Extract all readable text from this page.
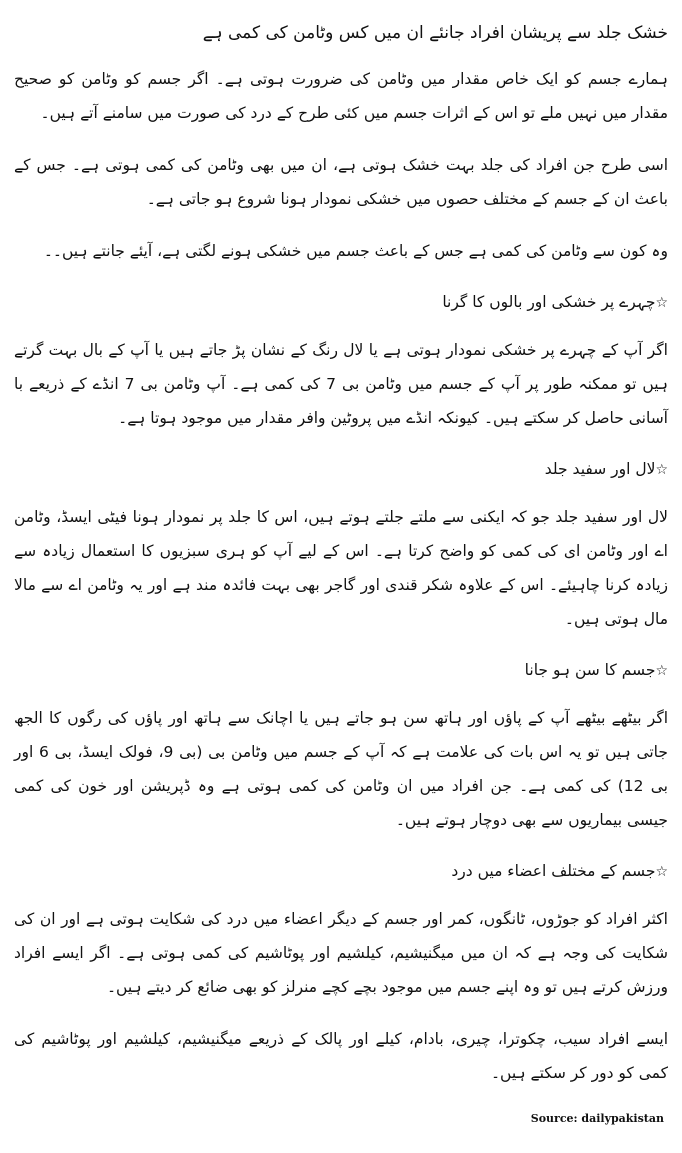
خشک جلد سے پریشان افراد جانئے ان میں کس وٹامن کی کمی ہے

ہمارے جسم کو ایک خاص مقدار میں وٹامن کی ضرورت ہوتی ہے۔ اگر جسم کو وٹامن کو صحیح مقدار میں نہیں ملے تو اس کے اثرات جسم میں کئی طرح کے درد کی صورت میں سامنے آتے ہیں۔

اسی طرح جن افراد کی جلد بہت خشک ہوتی ہے، ان میں بھی وٹامن کی کمی ہوتی ہے۔ جس کے باعث ان کے جسم کے مختلف حصوں میں خشکی نمودار ہونا شروع ہو جاتی ہے۔

وہ کون سے وٹامن کی کمی ہے جس کے باعث جسم میں خشکی ہونے لگتی ہے، آیئے جانتے ہیں۔۔

☆چہرے پر خشکی اور بالوں کا گرنا

اگر آپ کے چہرے پر خشکی نمودار ہوتی ہے یا لال رنگ کے نشان پڑ جاتے ہیں یا آپ کے بال بہت گرتے ہیں تو ممکنہ طور پر آپ کے جسم میں وٹامن بی 7 کی کمی ہے۔ آپ وٹامن بی 7 انڈے کے ذریعے با آسانی حاصل کر سکتے ہیں۔ کیونکہ انڈے میں پروٹین وافر مقدار میں موجود ہوتا ہے۔

☆لال اور سفید جلد

لال اور سفید جلد جو کہ ایکنی سے ملتے جلتے ہوتے ہیں، اس کا جلد پر نمودار ہونا فیٹی ایسڈ، وٹامن اے اور وٹامن ای کی کمی کو واضح کرتا ہے۔ اس کے لیے آپ کو ہری سبزیوں کا استعمال زیادہ سے زیادہ کرنا چاہیئے۔ اس کے علاوہ شکر قندی اور گاجر بھی بہت فائدہ مند ہے اور یہ وٹامن اے سے مالا مال ہوتی ہیں۔

☆جسم کا سن ہو جانا

اگر بیٹھے بیٹھے آپ کے پاؤں اور ہاتھ سن ہو جاتے ہیں یا اچانک سے ہاتھ اور پاؤں کی رگوں کا الجھ جاتی ہیں تو یہ اس بات کی علامت ہے کہ آپ کے جسم میں وٹامن بی (بی 9، فولک ایسڈ، بی 6 اور بی 12) کی کمی ہے۔ جن افراد میں ان وٹامن کی کمی ہوتی ہے وہ ڈپریشن اور خون کی کمی جیسی بیماریوں سے بھی دوچار ہوتے ہیں۔

☆جسم کے مختلف اعضاء میں درد

اکثر افراد کو جوڑوں، ٹانگوں، کمر اور جسم کے دیگر اعضاء میں درد کی شکایت ہوتی ہے اور ان کی شکایت کی وجہ ہے کہ ان میں میگنیشیم، کیلشیم اور پوٹاشیم کی کمی ہوتی ہے۔ اگر ایسے افراد ورزش کرتے ہیں تو وہ اپنے جسم میں موجود بچے کچے منرلز کو بھی ضائع کر دیتے ہیں۔

ایسے افراد سیب، چکوترا، چیری، بادام، کیلے اور پالک کے ذریعے میگنیشیم، کیلشیم اور پوٹاشیم کی کمی کو دور کر سکتے ہیں۔

Source: dailypakistan
